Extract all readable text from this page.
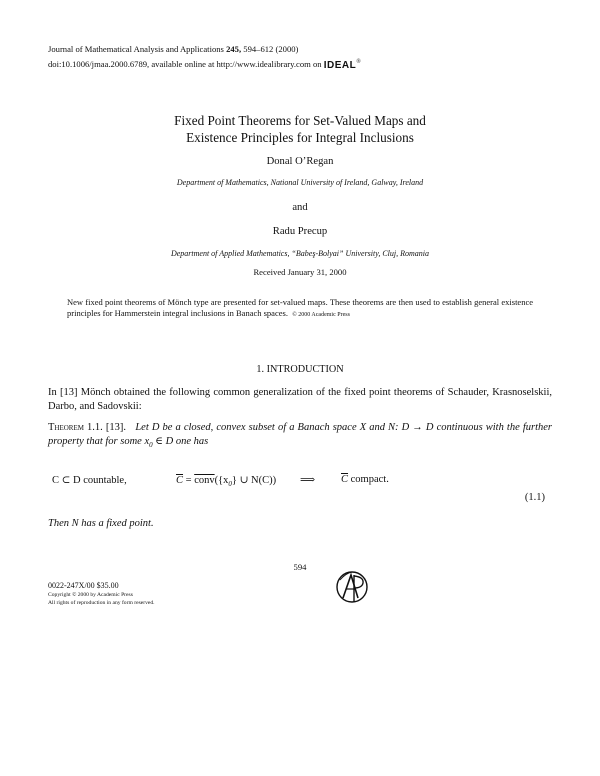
Journal of Mathematical Analysis and Applications 245, 594–612 (2000)
doi:10.1006/jmaa.2000.6789, available online at http://www.idealibrary.com on IDEAL®
Fixed Point Theorems for Set-Valued Maps and
Existence Principles for Integral Inclusions
Donal O’Regan
Department of Mathematics, National University of Ireland, Galway, Ireland
and
Radu Precup
Department of Applied Mathematics, “Babeş-Bolyai” University, Cluj, Romania
Received January 31, 2000
New fixed point theorems of Mönch type are presented for set-valued maps. These theorems are then used to establish general existence principles for Hammerstein integral inclusions in Banach spaces. © 2000 Academic Press
1. INTRODUCTION
In [13] Mönch obtained the following common generalization of the fixed point theorems of Schauder, Krasnoselskii, Darbo, and Sadovskii:
Theorem 1.1. [13]. Let D be a closed, convex subset of a Banach space X and N: D → D continuous with the further property that for some $x_0$ ∈ D one has
C ⊂ D countable,	$\overline{C}$ = $conv(\{x_0\}$ ∪ N(C)) ⟹ $\overline{C}$ compact.
(1.1)
Then N has a fixed point.
594
0022-247X/00 $35.00
Copyright © 2000 by Academic Press
All rights of reproduction in any form reserved.
